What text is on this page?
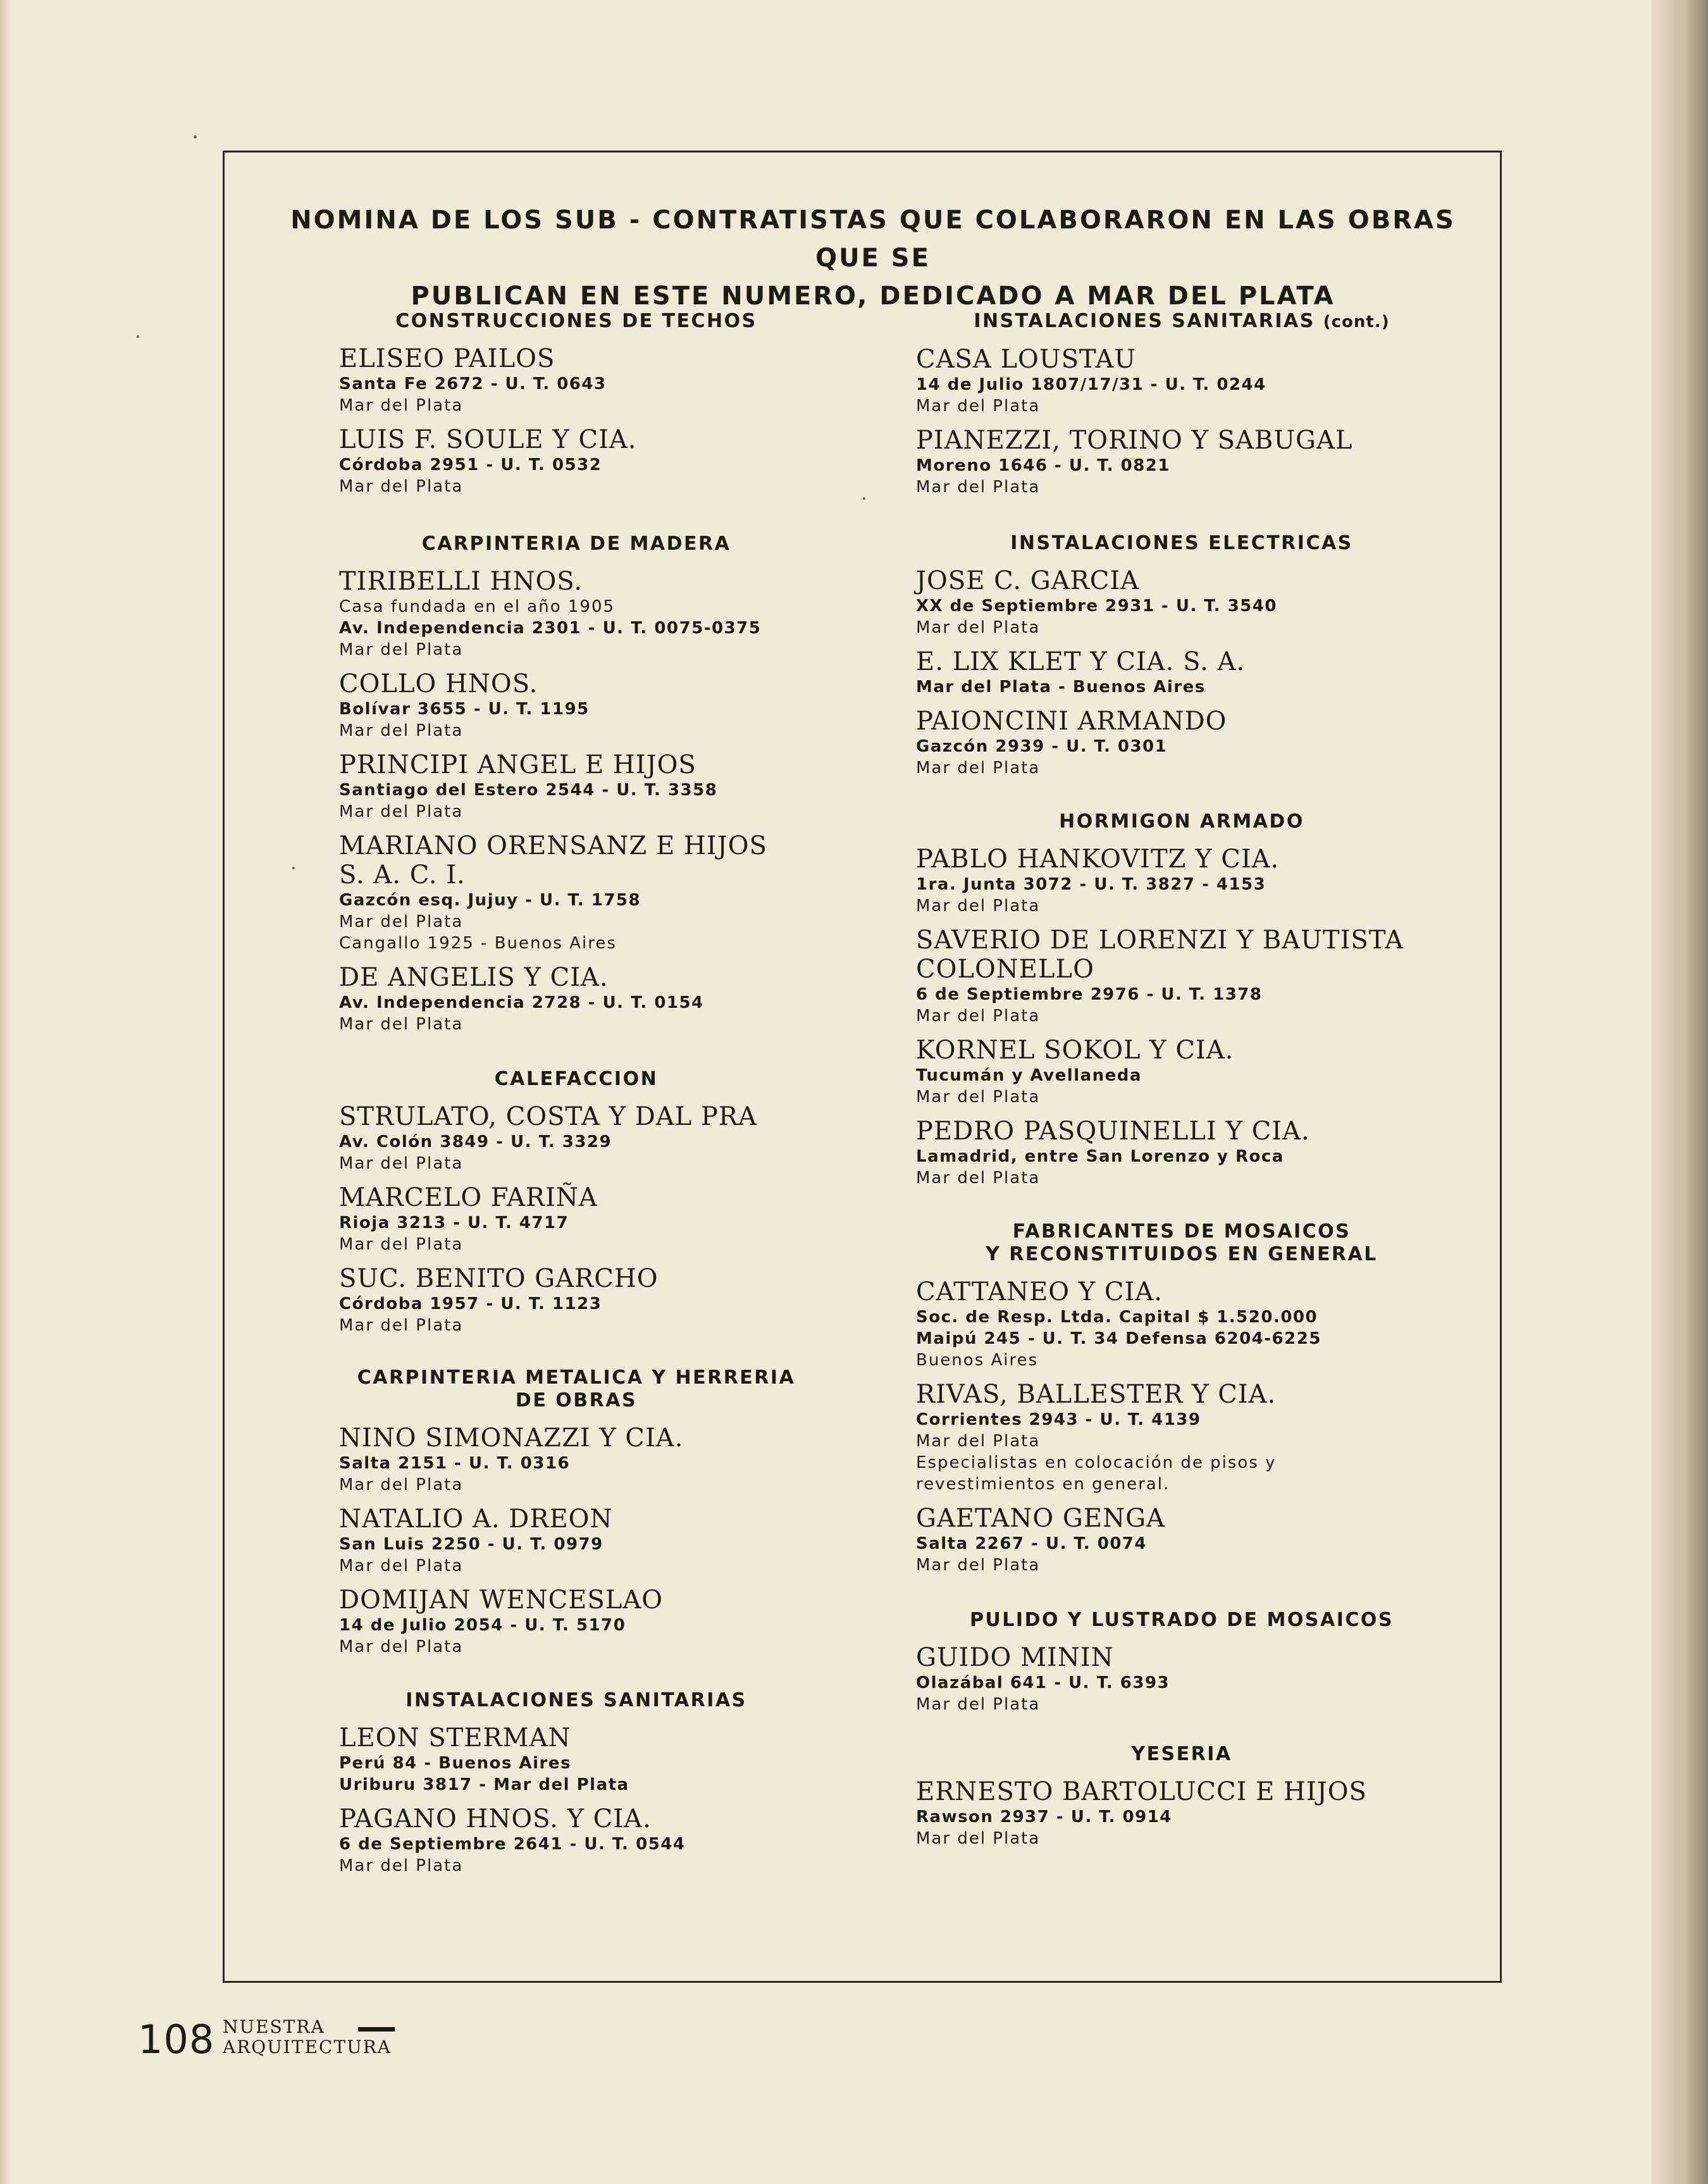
NOMINA DE LOS SUB - CONTRATISTAS QUE COLABORARON EN LAS OBRAS QUE SE
PUBLICAN EN ESTE NUMERO, DEDICADO A MAR DEL PLATA
CONSTRUCCIONES DE TECHOS
ELISEO PAILOS
Santa Fe 2672 - U. T. 0643
Mar del Plata
LUIS F. SOULE Y CIA.
Córdoba 2951 - U. T. 0532
Mar del Plata
CARPINTERIA DE MADERA
TIRIBELLI HNOS.
Casa fundada en el año 1905
Av. Independencia 2301 - U. T. 0075-0375
Mar del Plata
COLLO HNOS.
Bolívar 3655 - U. T. 1195
Mar del Plata
PRINCIPI ANGEL E HIJOS
Santiago del Estero 2544 - U. T. 3358
Mar del Plata
MARIANO ORENSANZ E HIJOS
S. A. C. I.
Gazcón esq. Jujuy - U. T. 1758
Mar del Plata
Cangallo 1925 - Buenos Aires
DE ANGELIS Y CIA.
Av. Independencia 2728 - U. T. 0154
Mar del Plata
CALEFACCION
STRULATO, COSTA Y DAL PRA
Av. Colón 3849 - U. T. 3329
Mar del Plata
MARCELO FARIÑA
Rioja 3213 - U. T. 4717
Mar del Plata
SUC. BENITO GARCHO
Córdoba 1957 - U. T. 1123
Mar del Plata
CARPINTERIA METALICA Y HERRERIA
DE OBRAS
NINO SIMONAZZI Y CIA.
Salta 2151 - U. T. 0316
Mar del Plata
NATALIO A. DREON
San Luis 2250 - U. T. 0979
Mar del Plata
DOMIJAN WENCESLAO
14 de Julio 2054 - U. T. 5170
Mar del Plata
INSTALACIONES SANITARIAS
LEON STERMAN
Perú 84 - Buenos Aires
Uriburu 3817 - Mar del Plata
PAGANO HNOS. Y CIA.
6 de Septiembre 2641 - U. T. 0544
Mar del Plata
INSTALACIONES SANITARIAS (cont.)
CASA LOUSTAU
14 de Julio 1807/17/31 - U. T. 0244
Mar del Plata
PIANEZZI, TORINO Y SABUGAL
Moreno 1646 - U. T. 0821
Mar del Plata
INSTALACIONES ELECTRICAS
JOSE C. GARCIA
XX de Septiembre 2931 - U. T. 3540
Mar del Plata
E. LIX KLET Y CIA. S. A.
Mar del Plata - Buenos Aires
PAIONCINI ARMANDO
Gazcón 2939 - U. T. 0301
Mar del Plata
HORMIGON ARMADO
PABLO HANKOVITZ Y CIA.
1ra. Junta 3072 - U. T. 3827 - 4153
Mar del Plata
SAVERIO DE LORENZI Y BAUTISTA
COLONELLO
6 de Septiembre 2976 - U. T. 1378
Mar del Plata
KORNEL SOKOL Y CIA.
Tucumán y Avellaneda
Mar del Plata
PEDRO PASQUINELLI Y CIA.
Lamadrid, entre San Lorenzo y Roca
Mar del Plata
FABRICANTES DE MOSAICOS
Y RECONSTITUIDOS EN GENERAL
CATTANEO Y CIA.
Soc. de Resp. Ltda. Capital $ 1.520.000
Maipú 245 - U. T. 34 Defensa 6204-6225
Buenos Aires
RIVAS, BALLESTER Y CIA.
Corrientes 2943 - U. T. 4139
Mar del Plata
Especialistas en colocación de pisos y
revestimientos en general.
GAETANO GENGA
Salta 2267 - U. T. 0074
Mar del Plata
PULIDO Y LUSTRADO DE MOSAICOS
GUIDO MININ
Olazábal 641 - U. T. 6393
Mar del Plata
YESERIA
ERNESTO BARTOLUCCI E HIJOS
Rawson 2937 - U. T. 0914
Mar del Plata
108 NUESTRA
ARQUITECTURA
